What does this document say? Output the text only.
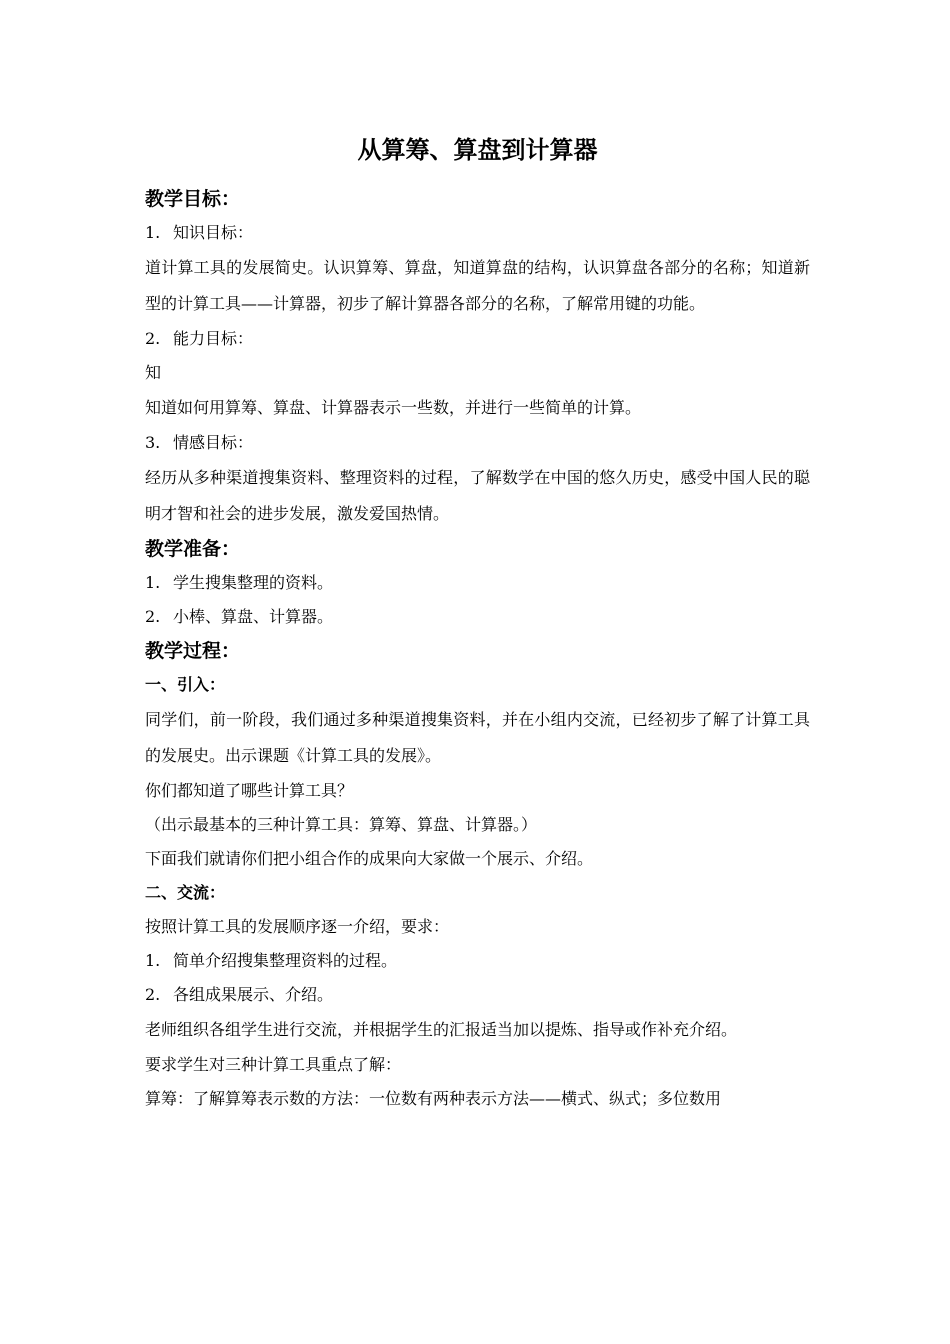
从算筹、算盘到计算器
教学目标：

1. 知识目标：

道计算工具的发展简史。认识算筹、算盘，知道算盘的结构，认识算盘各部分的名称；知道新型的计算工具——计算器，初步了解计算器各部分的名称，了解常用键的功能。

2. 能力目标：

知

知道如何用算筹、算盘、计算器表示一些数，并进行一些简单的计算。

3. 情感目标：

经历从多种渠道搜集资料、整理资料的过程，了解数学在中国的悠久历史，感受中国人民的聪明才智和社会的进步发展，激发爱国热情。

教学准备：

1. 学生搜集整理的资料。

2. 小棒、算盘、计算器。

教学过程：
一、引入：

同学们，前一阶段，我们通过多种渠道搜集资料，并在小组内交流，已经初步了解了计算工具的发展史。出示课题《计算工具的发展》。

你们都知道了哪些计算工具？

（出示最基本的三种计算工具：算筹、算盘、计算器。）

下面我们就请你们把小组合作的成果向大家做一个展示、介绍。

二、交流：

按照计算工具的发展顺序逐一介绍，要求：

1. 简单介绍搜集整理资料的过程。

2. 各组成果展示、介绍。

老师组织各组学生进行交流，并根据学生的汇报适当加以提炼、指导或作补充介绍。

要求学生对三种计算工具重点了解：

算筹：了解算筹表示数的方法：一位数有两种表示方法——横式、纵式；多位数用
